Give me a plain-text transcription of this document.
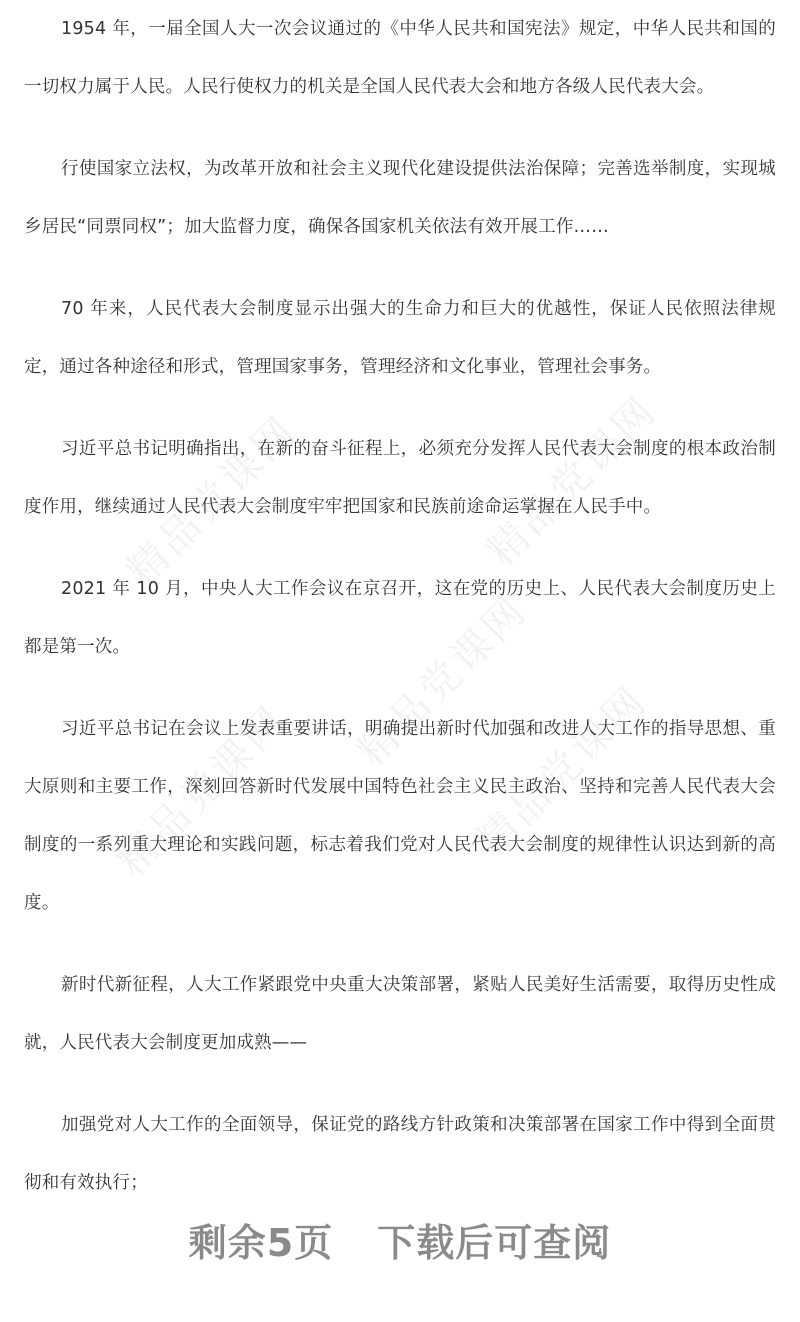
1954 年，一届全国人大一次会议通过的《中华人民共和国宪法》规定，中华人民共和国的一切权力属于人民。人民行使权力的机关是全国人民代表大会和地方各级人民代表大会。

行使国家立法权，为改革开放和社会主义现代化建设提供法治保障；完善选举制度，实现城乡居民“同票同权”；加大监督力度，确保各国家机关依法有效开展工作……

70 年来，人民代表大会制度显示出强大的生命力和巨大的优越性，保证人民依照法律规定，通过各种途径和形式，管理国家事务，管理经济和文化事业，管理社会事务。

习近平总书记明确指出，在新的奋斗征程上，必须充分发挥人民代表大会制度的根本政治制度作用，继续通过人民代表大会制度牢牢把国家和民族前途命运掌握在人民手中。

2021 年 10 月，中央人大工作会议在京召开，这在党的历史上、人民代表大会制度历史上都是第一次。

习近平总书记在会议上发表重要讲话，明确提出新时代加强和改进人大工作的指导思想、重大原则和主要工作，深刻回答新时代发展中国特色社会主义民主政治、坚持和完善人民代表大会制度的一系列重大理论和实践问题，标志着我们党对人民代表大会制度的规律性认识达到新的高度。

新时代新征程，人大工作紧跟党中央重大决策部署，紧贴人民美好生活需要，取得历史性成就，人民代表大会制度更加成熟——

加强党对人大工作的全面领导，保证党的路线方针政策和决策部署在国家工作中得到全面贯彻和有效执行；

精品党课网	精品党课网
精品党课网
精品党课网	精品党课网
剩余5页 下载后可查阅
